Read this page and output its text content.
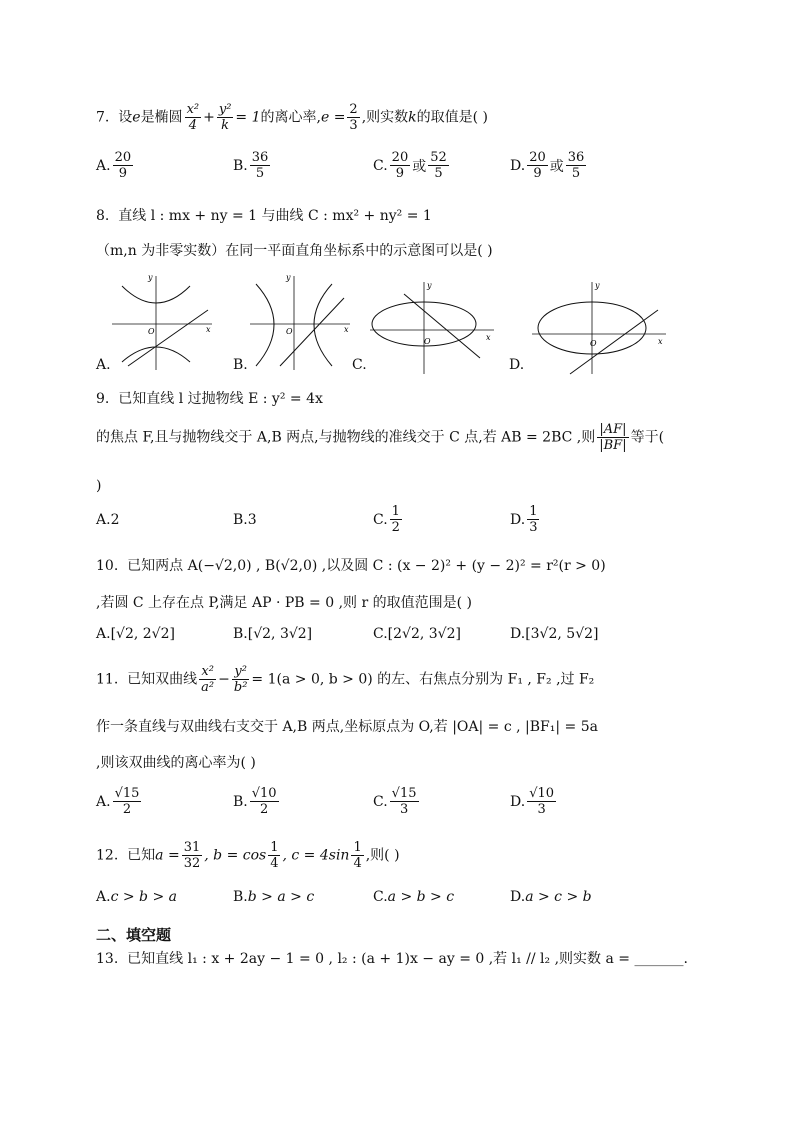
7. 设e是椭圆 $\frac{\text{x²}}{4} + \frac{\text{y²}}{k} = 1$的离心率$,e = \frac{2}{3}$ ,则实数k的取值是( )
A. $\frac{20}{9}$	B. $\frac{36}{5}$	C. $\frac{20}{9}$ 或 $\frac{52}{5}$	D. $\frac{20}{9}$ 或 $\frac{36}{5}$
8. 直线 l : mx + ny = 1 与曲线 C : mx² + ny² = 1
（m,n 为非零实数）在同一平面直角坐标系中的示意图可以是( )
y
x
O
y
x
O
y
x
O
y
x
O
A.	B.	C.	D.
9. 已知直线 l 过抛物线 E : y² = 4x
的焦点 F,且与抛物线交于 A,B 两点,与抛物线的准线交于 C 点,若 AB = 2BC ,则 $\frac{|AF|}{|BF|}$ 等于(
)
A. 2	B. 3	C. $\frac{1}{2}$	D. $\frac{1}{3}$
10. 已知两点 A(−√2,0) , B(√2,0) ,以及圆 C : (x − 2)² + (y − 2)² = r²(r > 0)
,若圆 C 上存在点 P,满足 AP · PB = 0 ,则 r 的取值范围是( )
A. [√2, 2√2]	B. [√2, 3√2]	C. [2√2, 3√2]	D. [3√2, 5√2]
11. 已知双曲线 $\frac{\text{x²}}{\text{a²}} - \frac{\text{y²}}{\text{b²}} = 1(a > 0$, b > 0) 的左、右焦点分别为 F₁ , F₂ ,过 F₂
作一条直线与双曲线右支交于 A,B 两点,坐标原点为 O,若 |OA| = c , |BF₁| = 5a
,则该双曲线的离心率为( )
A. $\frac{√15}{2}$	B. $\frac{√10}{2}$	C. $\frac{√15}{3}$	D. $\frac{√10}{3}$
12. 已知$a = \frac{31}{32}$ , $b = \cos \frac{1}{4}$ , $c = 4\sin \frac{1}{4}$ ,则( )
A. c > b > a	B. b > a > c	C. a > b > c	D. a > c > b
二、填空题
13. 已知直线 l₁ : x + 2ay − 1 = 0 , l₂ : (a + 1)x − ay = 0 ,若 l₁ // l₂ ,则实数 a = _______.
